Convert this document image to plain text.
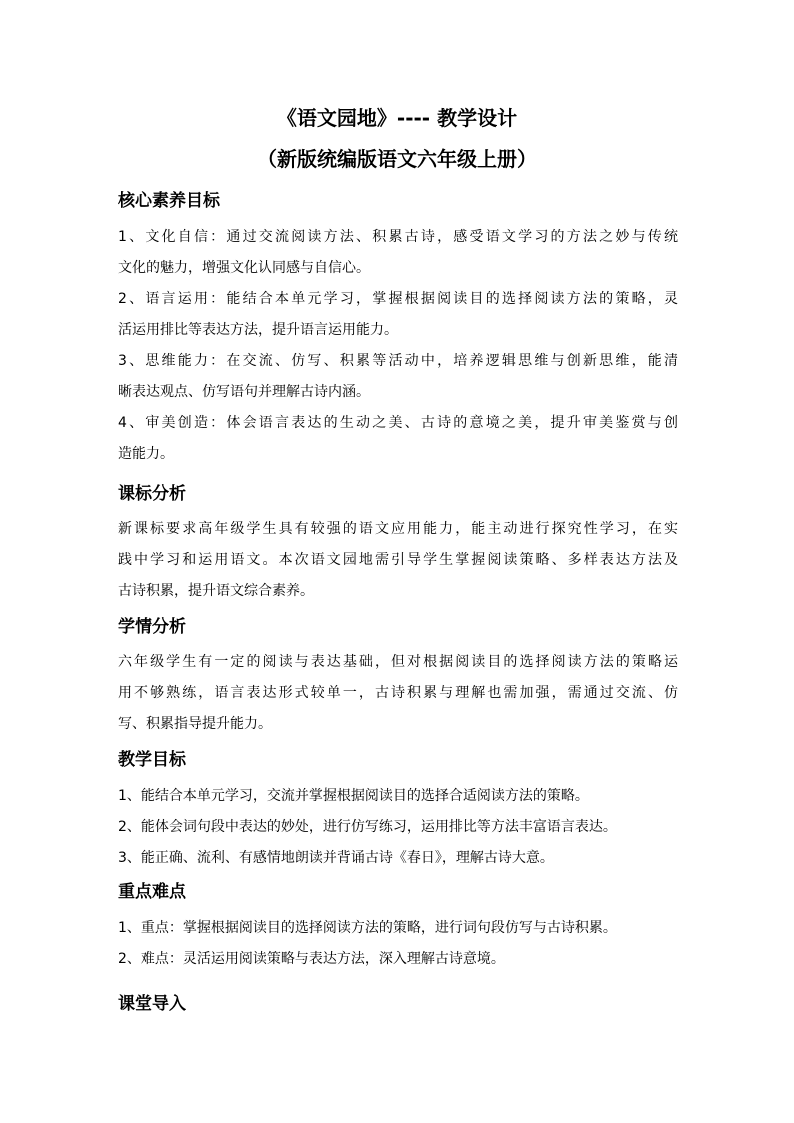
《语文园地》---- 教学设计
（新版统编版语文六年级上册）
核心素养目标
1、文化自信：通过交流阅读方法、积累古诗，感受语文学习的方法之妙与传统
文化的魅力，增强文化认同感与自信心。
2、语言运用：能结合本单元学习，掌握根据阅读目的选择阅读方法的策略，灵
活运用排比等表达方法，提升语言运用能力。
3、思维能力：在交流、仿写、积累等活动中，培养逻辑思维与创新思维，能清
晰表达观点、仿写语句并理解古诗内涵。
4、审美创造：体会语言表达的生动之美、古诗的意境之美，提升审美鉴赏与创
造能力。
课标分析
新课标要求高年级学生具有较强的语文应用能力，能主动进行探究性学习，在实
践中学习和运用语文。本次语文园地需引导学生掌握阅读策略、多样表达方法及
古诗积累，提升语文综合素养。
学情分析
六年级学生有一定的阅读与表达基础，但对根据阅读目的选择阅读方法的策略运
用不够熟练，语言表达形式较单一，古诗积累与理解也需加强，需通过交流、仿
写、积累指导提升能力。
教学目标
1、能结合本单元学习，交流并掌握根据阅读目的选择合适阅读方法的策略。
2、能体会词句段中表达的妙处，进行仿写练习，运用排比等方法丰富语言表达。
3、能正确、流利、有感情地朗读并背诵古诗《春日》，理解古诗大意。
重点难点
1、重点：掌握根据阅读目的选择阅读方法的策略，进行词句段仿写与古诗积累。
2、难点：灵活运用阅读策略与表达方法，深入理解古诗意境。
课堂导入
